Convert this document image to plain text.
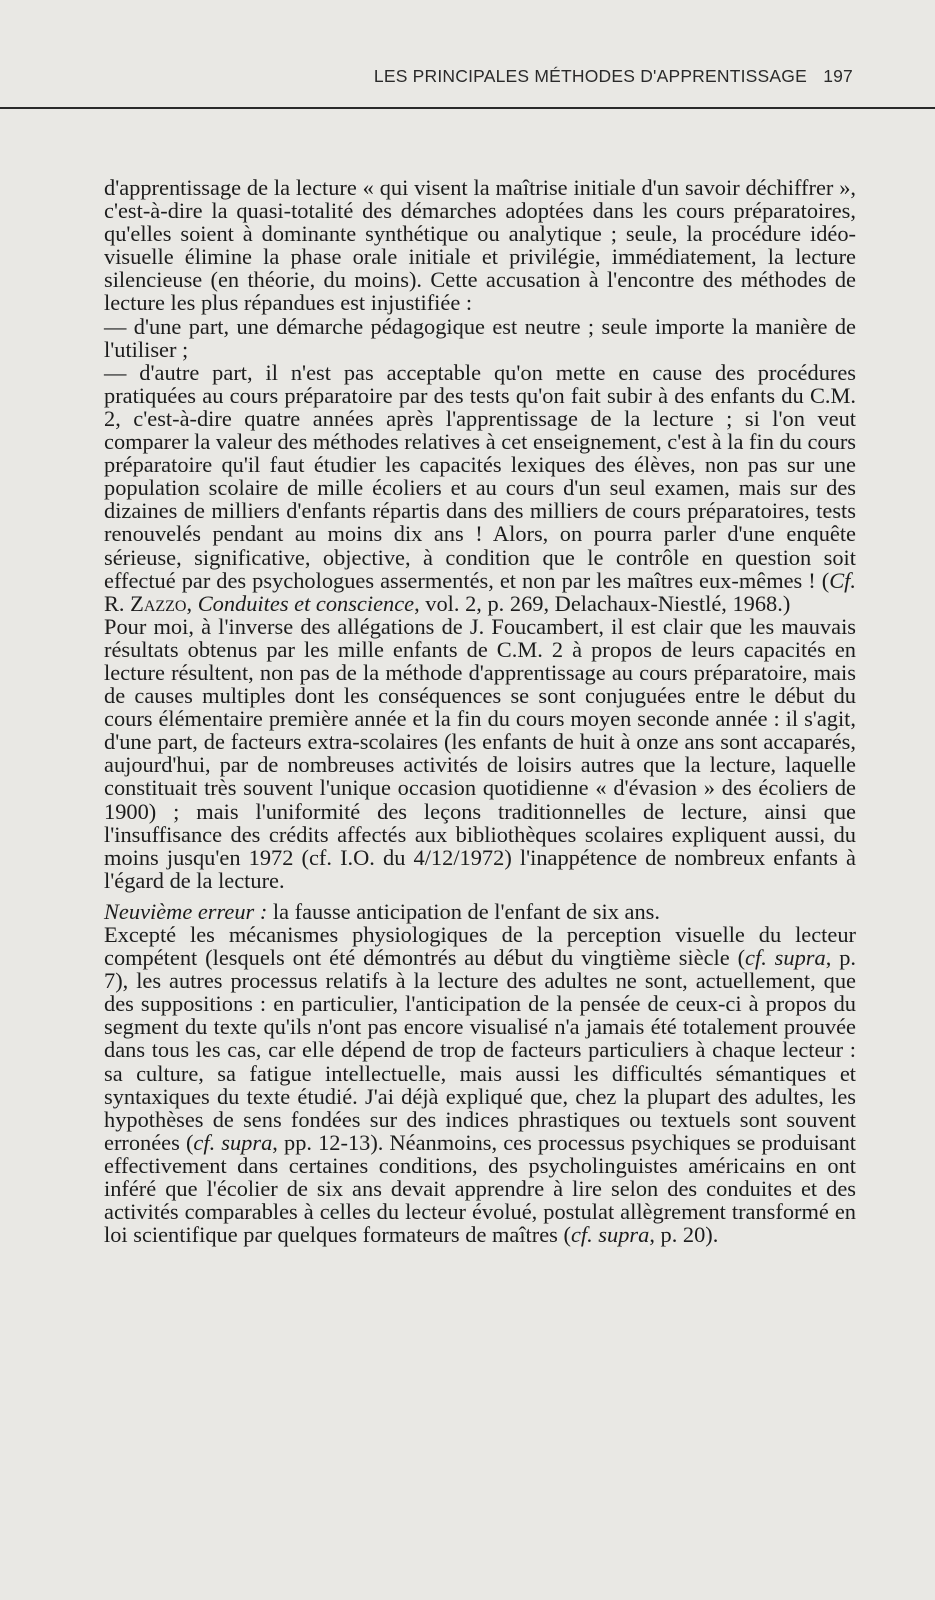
LES PRINCIPALES MÉTHODES D'APPRENTISSAGE 197

d'apprentissage de la lecture « qui visent la maîtrise initiale d'un savoir déchiffrer », c'est-à-dire la quasi-totalité des démarches adoptées dans les cours préparatoires, qu'elles soient à dominante synthétique ou analytique ; seule, la procédure idéo-visuelle élimine la phase orale initiale et privilégie, immédiatement, la lecture silencieuse (en théorie, du moins). Cette accusation à l'encontre des méthodes de lecture les plus répandues est injustifiée :

— d'une part, une démarche pédagogique est neutre ; seule importe la manière de l'utiliser ;

— d'autre part, il n'est pas acceptable qu'on mette en cause des procédures pratiquées au cours préparatoire par des tests qu'on fait subir à des enfants du C.M. 2, c'est-à-dire quatre années après l'apprentissage de la lecture ; si l'on veut comparer la valeur des méthodes relatives à cet enseignement, c'est à la fin du cours préparatoire qu'il faut étudier les capacités lexiques des élèves, non pas sur une population scolaire de mille écoliers et au cours d'un seul examen, mais sur des dizaines de milliers d'enfants répartis dans des milliers de cours préparatoires, tests renouvelés pendant au moins dix ans ! Alors, on pourra parler d'une enquête sérieuse, significative, objective, à condition que le contrôle en question soit effectué par des psychologues assermentés, et non par les maîtres eux-mêmes ! (Cf. R. Zazzo, Conduites et conscience, vol. 2, p. 269, Delachaux-Niestlé, 1968.)

Pour moi, à l'inverse des allégations de J. Foucambert, il est clair que les mauvais résultats obtenus par les mille enfants de C.M. 2 à propos de leurs capacités en lecture résultent, non pas de la méthode d'apprentissage au cours préparatoire, mais de causes multiples dont les conséquences se sont conjuguées entre le début du cours élémentaire première année et la fin du cours moyen seconde année : il s'agit, d'une part, de facteurs extra-scolaires (les enfants de huit à onze ans sont accaparés, aujourd'hui, par de nombreuses activités de loisirs autres que la lecture, laquelle constituait très souvent l'unique occasion quotidienne « d'évasion » des écoliers de 1900) ; mais l'uniformité des leçons traditionnelles de lecture, ainsi que l'insuffisance des crédits affectés aux bibliothèques scolaires expliquent aussi, du moins jusqu'en 1972 (cf. I.O. du 4/12/1972) l'inappétence de nombreux enfants à l'égard de la lecture.

Neuvième erreur : la fausse anticipation de l'enfant de six ans.

Excepté les mécanismes physiologiques de la perception visuelle du lecteur compétent (lesquels ont été démontrés au début du vingtième siècle (cf. supra, p. 7), les autres processus relatifs à la lecture des adultes ne sont, actuellement, que des suppositions : en particulier, l'anticipation de la pensée de ceux-ci à propos du segment du texte qu'ils n'ont pas encore visualisé n'a jamais été totalement prouvée dans tous les cas, car elle dépend de trop de facteurs particuliers à chaque lecteur : sa culture, sa fatigue intellectuelle, mais aussi les difficultés sémantiques et syntaxiques du texte étudié. J'ai déjà expliqué que, chez la plupart des adultes, les hypothèses de sens fondées sur des indices phrastiques ou textuels sont souvent erronées (cf. supra, pp. 12-13). Néanmoins, ces processus psychiques se produisant effectivement dans certaines conditions, des psycholinguistes américains en ont inféré que l'écolier de six ans devait apprendre à lire selon des conduites et des activités comparables à celles du lecteur évolué, postulat allègrement transformé en loi scientifique par quelques formateurs de maîtres (cf. supra, p. 20).
